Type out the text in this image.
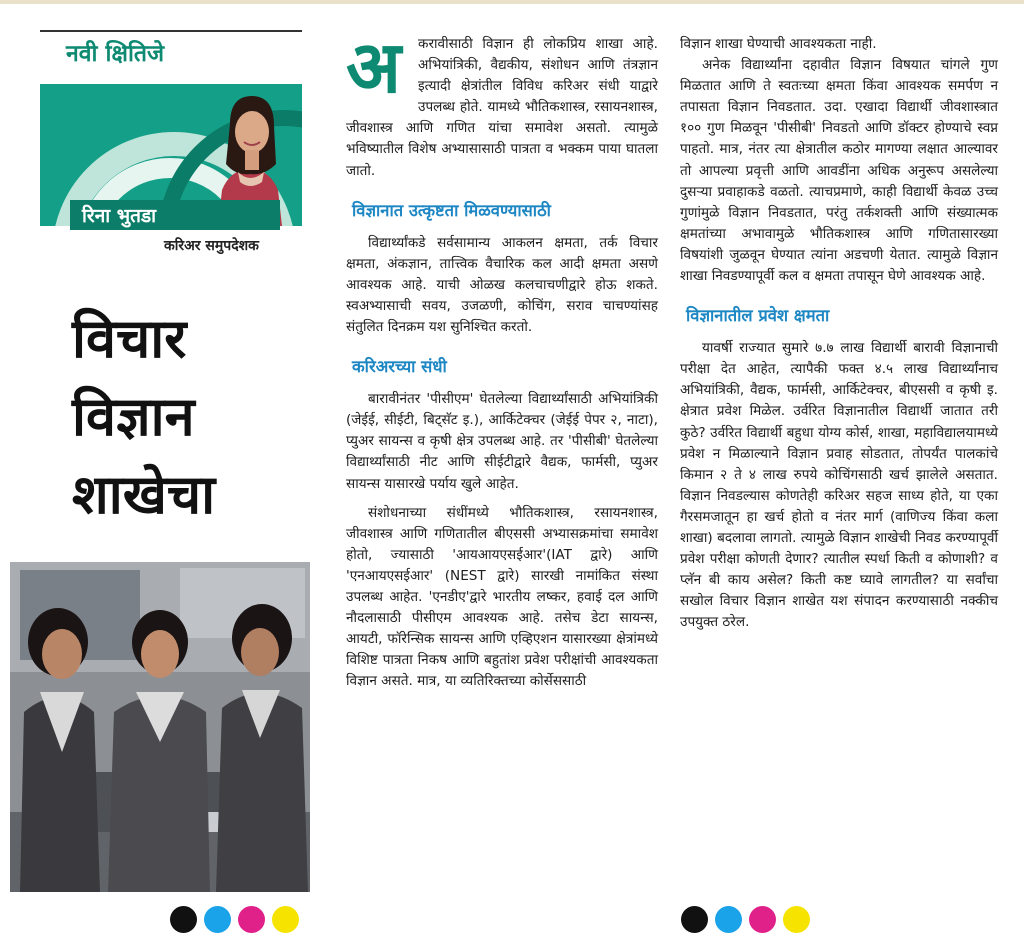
नवी क्षितिजे
रिना भुतडा
करिअर समुपदेशक
विचार
विज्ञान
शाखेचा
अ	करावीसाठी विज्ञान ही लोकप्रिय शाखा आहे. अभियांत्रिकी, वैद्यकीय, संशोधन आणि तंत्रज्ञान इत्यादी क्षेत्रांतील विविध करिअर संधी याद्वारे उपलब्ध होते. यामध्ये भौतिकशास्त्र, रसायनशास्त्र, जीवशास्त्र आणि गणित यांचा समावेश असतो. त्यामुळे भविष्यातील विशेष अभ्यासासाठी पात्रता व भक्कम पाया घातला जातो.

विज्ञानात उत्कृष्टता मिळवण्यासाठी

विद्यार्थ्यांकडे सर्वसामान्य आकलन क्षमता, तर्क विचार क्षमता, अंकज्ञान, तात्त्विक वैचारिक कल आदी क्षमता असणे आवश्यक आहे. याची ओळख कलचाचणीद्वारे होऊ शकते. स्वअभ्यासाची सवय, उजळणी, कोचिंग, सराव चाचण्यांसह संतुलित दिनक्रम यश सुनिश्चित करतो.

करिअरच्या संधी

बारावीनंतर 'पीसीएम' घेतलेल्या विद्यार्थ्यांसाठी अभियांत्रिकी (जेईई, सीईटी, बिट्सॅट इ.), आर्किटेक्चर (जेईई पेपर २, नाटा), प्युअर सायन्स व कृषी क्षेत्र उपलब्ध आहे. तर 'पीसीबी' घेतलेल्या विद्यार्थ्यांसाठी नीट आणि सीईटीद्वारे वैद्यक, फार्मसी, प्युअर सायन्स यासारखे पर्याय खुले आहेत.

संशोधनाच्या संधींमध्ये भौतिकशास्त्र, रसायनशास्त्र, जीवशास्त्र आणि गणितातील बीएससी अभ्यासक्रमांचा समावेश होतो, ज्यासाठी 'आयआयएसईआर'(IAT द्वारे) आणि 'एनआयएसईआर' (NEST द्वारे) सारखी नामांकित संस्था उपलब्ध आहेत. 'एनडीए'द्वारे भारतीय लष्कर, हवाई दल आणि नौदलासाठी पीसीएम आवश्यक आहे. तसेच डेटा सायन्स, आयटी, फॉरेन्सिक सायन्स आणि एव्हिएशन यासारख्या क्षेत्रांमध्ये विशिष्ट पात्रता निकष आणि बहुतांश प्रवेश परीक्षांची आवश्यकता विज्ञान असते. मात्र, या व्यतिरिक्तच्या कोर्सेससाठी

विज्ञान शाखा घेण्याची आवश्यकता नाही.

अनेक विद्यार्थ्यांना दहावीत विज्ञान विषयात चांगले गुण मिळतात आणि ते स्वतःच्या क्षमता किंवा आवश्यक समर्पण न तपासता विज्ञान निवडतात. उदा. एखादा विद्यार्थी जीवशास्त्रात १०० गुण मिळवून 'पीसीबी' निवडतो आणि डॉक्टर होण्याचे स्वप्न पाहतो. मात्र, नंतर त्या क्षेत्रातील कठोर मागण्या लक्षात आल्यावर तो आपल्या प्रवृत्ती आणि आवडींना अधिक अनुरूप असलेल्या दुसऱ्या प्रवाहाकडे वळतो. त्याचप्रमाणे, काही विद्यार्थी केवळ उच्च गुणांमुळे विज्ञान निवडतात, परंतु तर्कशक्ती आणि संख्यात्मक क्षमतांच्या अभावामुळे भौतिकशास्त्र आणि गणितासारख्या विषयांशी जुळवून घेण्यात त्यांना अडचणी येतात. त्यामुळे विज्ञान शाखा निवडण्यापूर्वी कल व क्षमता तपासून घेणे आवश्यक आहे.

विज्ञानातील प्रवेश क्षमता

यावर्षी राज्यात सुमारे ७.७ लाख विद्यार्थी बारावी विज्ञानाची परीक्षा देत आहेत, त्यापैकी फक्त ४.५ लाख विद्यार्थ्यांनाच अभियांत्रिकी, वैद्यक, फार्मसी, आर्किटेक्चर, बीएससी व कृषी इ. क्षेत्रात प्रवेश मिळेल. उर्वरित विज्ञानातील विद्यार्थी जातात तरी कुठे? उर्वरित विद्यार्थी बहुधा योग्य कोर्स, शाखा, महाविद्यालयामध्ये प्रवेश न मिळाल्याने विज्ञान प्रवाह सोडतात, तोपर्यंत पालकांचे किमान २ ते ४ लाख रुपये कोचिंगसाठी खर्च झालेले असतात. विज्ञान निवडल्यास कोणतेही करिअर सहज साध्य होते, या एका गैरसमजातून हा खर्च होतो व नंतर मार्ग (वाणिज्य किंवा कला शाखा) बदलावा लागतो. त्यामुळे विज्ञान शाखेची निवड करण्यापूर्वी प्रवेश परीक्षा कोणती देणार? त्यातील स्पर्धा किती व कोणाशी? व प्लॅन बी काय असेल? किती कष्ट घ्यावे लागतील? या सर्वांचा सखोल विचार विज्ञान शाखेत यश संपादन करण्यासाठी नक्कीच उपयुक्त ठरेल.
